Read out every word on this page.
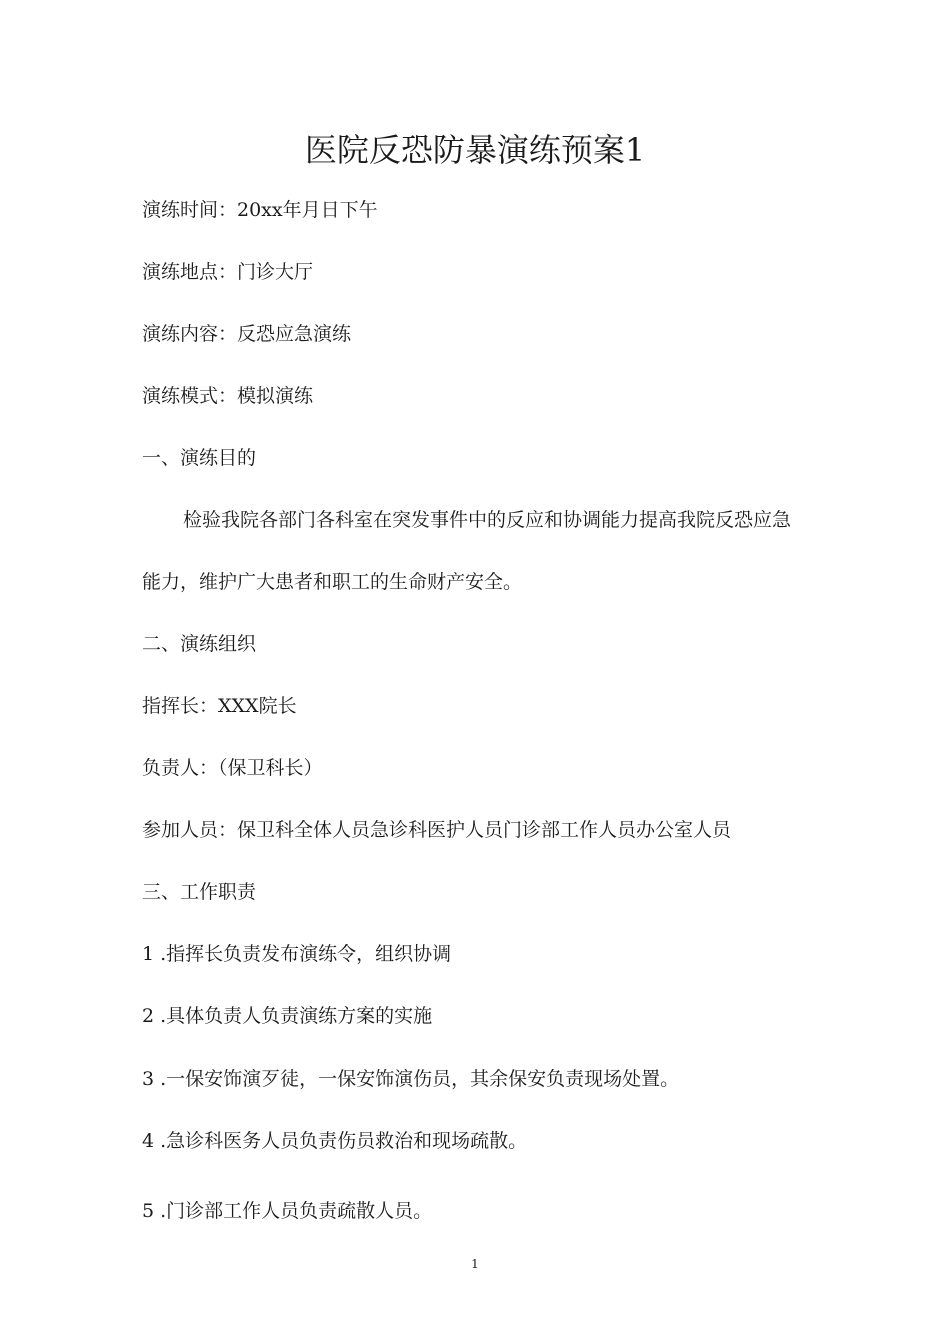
医院反恐防暴演练预案1
演练时间：20xx年月日下午
演练地点：门诊大厅
演练内容：反恐应急演练
演练模式：模拟演练
一、演练目的
检验我院各部门各科室在突发事件中的反应和协调能力提高我院反恐应急
能力，维护广大患者和职工的生命财产安全。
二、演练组织
指挥长：XXX院长
负责人：（保卫科长）
参加人员：保卫科全体人员急诊科医护人员门诊部工作人员办公室人员
三、工作职责
1 .指挥长负责发布演练令，组织协调
2 .具体负责人负责演练方案的实施
3 .一保安饰演歹徒，一保安饰演伤员，其余保安负责现场处置。
4 .急诊科医务人员负责伤员救治和现场疏散。
5 .门诊部工作人员负责疏散人员。
1
